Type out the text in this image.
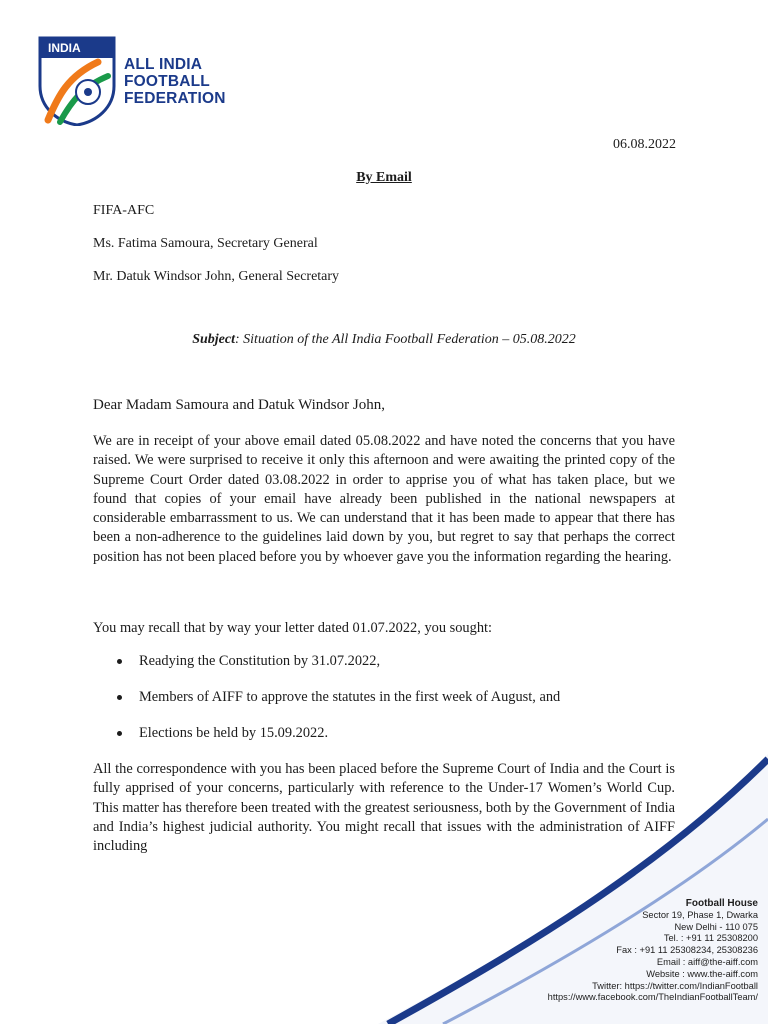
INDIA
ALL INDIA
FOOTBALL
FEDERATION
06.08.2022
By Email
FIFA-AFC
Ms. Fatima Samoura, Secretary General
Mr. Datuk Windsor John, General Secretary
Subject: Situation of the All India Football Federation – 05.08.2022
Dear Madam Samoura and Datuk Windsor John,

We are in receipt of your above email dated 05.08.2022 and have noted the concerns that you have raised. We were surprised to receive it only this afternoon and were awaiting the printed copy of the Supreme Court Order dated 03.08.2022 in order to apprise you of what has taken place, but we found that copies of your email have already been published in the national newspapers at considerable embarrassment to us. We can understand that it has been made to appear that there has been a non-adherence to the guidelines laid down by you, but regret to say that perhaps the correct position has not been placed before you by whoever gave you the information regarding the hearing.

You may recall that by way your letter dated 01.07.2022, you sought:

Readying the Constitution by 31.07.2022,
Members of AIFF to approve the statutes in the first week of August, and
Elections be held by 15.09.2022.

All the correspondence with you has been placed before the Supreme Court of India and the Court is fully apprised of your concerns, particularly with reference to the Under-17 Women’s World Cup. This matter has therefore been treated with the greatest seriousness, both by the Government of India and India’s highest judicial authority. You might recall that issues with the administration of AIFF including

Football House
Sector 19, Phase 1, Dwarka
New Delhi - 110 075
Tel. : +91 11 25308200
Fax : +91 11 25308234, 25308236
Email : aiff@the-aiff.com
Website : www.the-aiff.com
Twitter: https://twitter.com/IndianFootball
https://www.facebook.com/TheIndianFootballTeam/
